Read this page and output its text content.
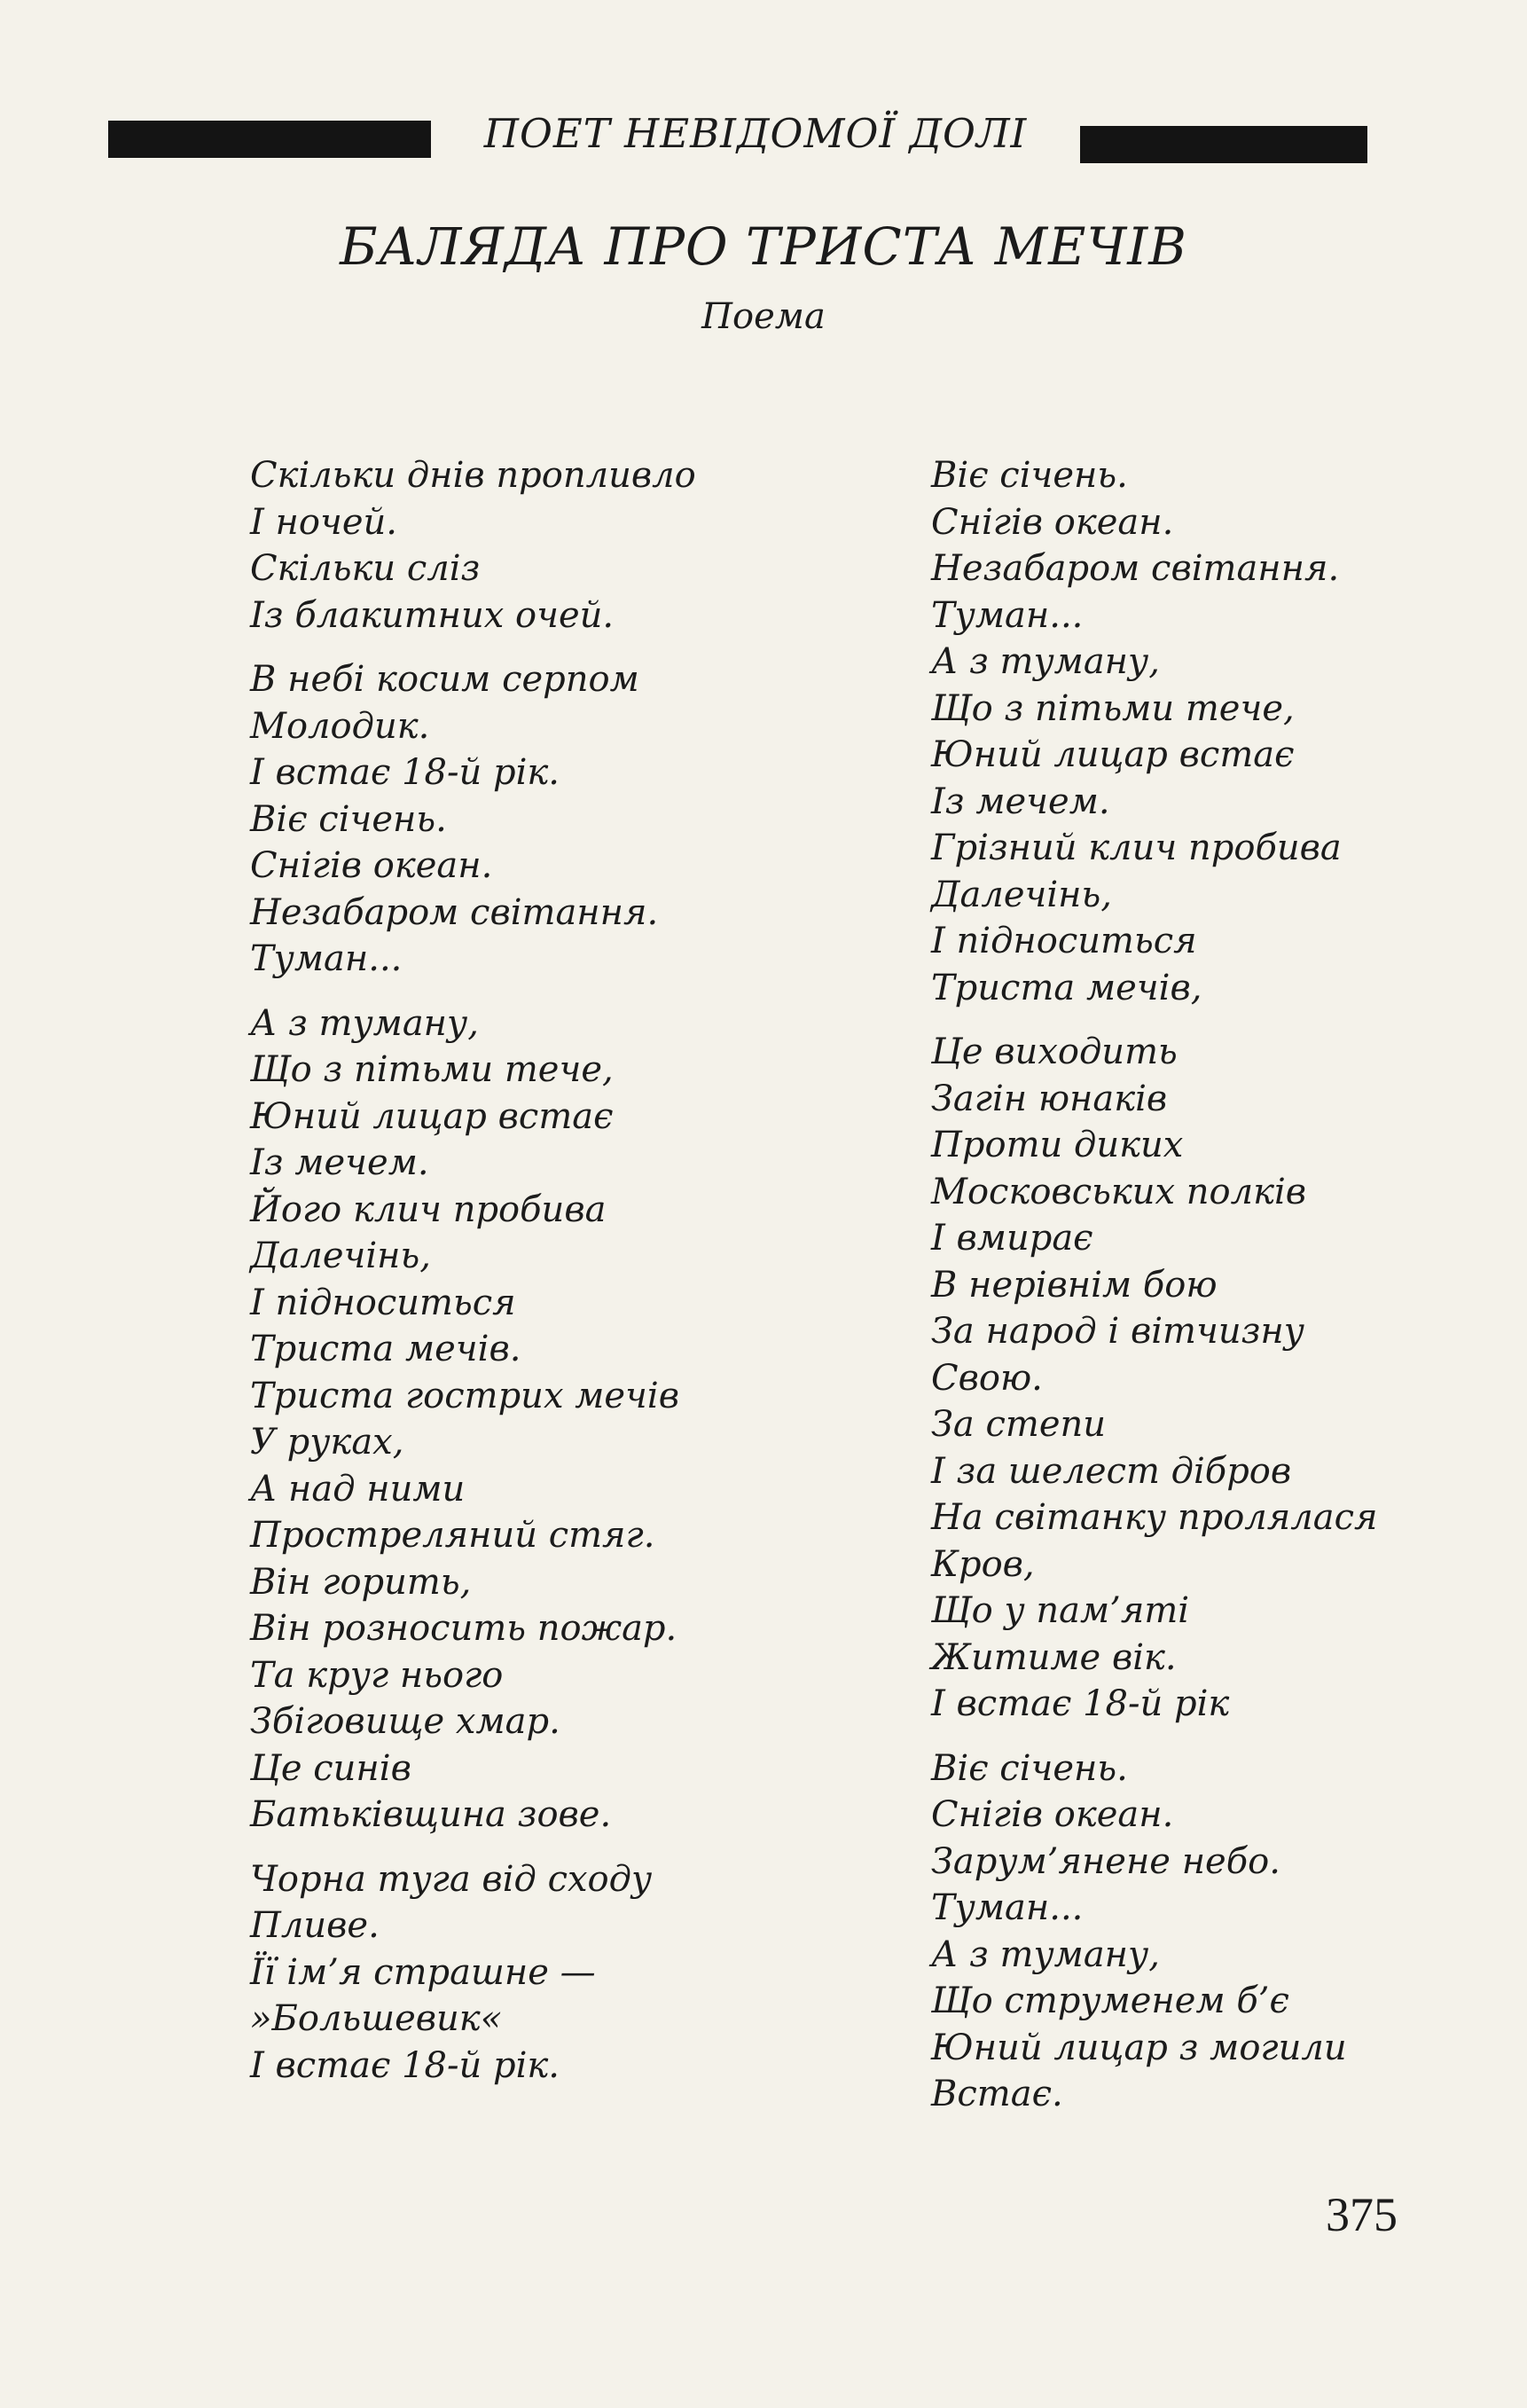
ПОЕТ НЕВІДОМОЇ ДОЛІ
БАЛЯДА ПРО ТРИСТА МЕЧІВ
Поема
Скільки днів пропливло
І ночей.
Скільки сліз
Із блакитних очей.
В небі косим серпом
Молодик.
І встає 18-й рік.
Віє січень.
Снігів океан.
Незабаром світання.
Туман...
А з туману,
Що з пітьми тече,
Юний лицар встає
Із мечем.
Його клич пробива
Далечінь,
І підноситься
Триста мечів.
Триста гострих мечів
У руках,
А над ними
Прострeляний стяг.
Він горить,
Він розносить пожар.
Та круг нього
Збіговище хмар.
Це синів
Батьківщина зове.
Чорна туга від сходу
Пливе.
Її ім’я страшне —
»Большевик«
І встає 18-й рік.
Віє січень.
Снігів океан.
Незабаром світання.
Туман...
А з туману,
Що з пітьми тече,
Юний лицар встає
Із мечем.
Грізний клич пробива
Далечінь,
І підноситься
Триста мечів,
Це виходить
Загін юнаків
Проти диких
Московських полків
І вмирає
В нерівнім бою
За народ і вітчизну
Свою.
За степи
І за шелест дібров
На світанку пролялася
Кров,
Що у пам’яті
Житиме вік.
І встає 18-й рік
Віє січень.
Снігів океан.
Зарум’янене небо.
Туман...
А з туману,
Що струменем б’є
Юний лицар з могили
Встає.
375
